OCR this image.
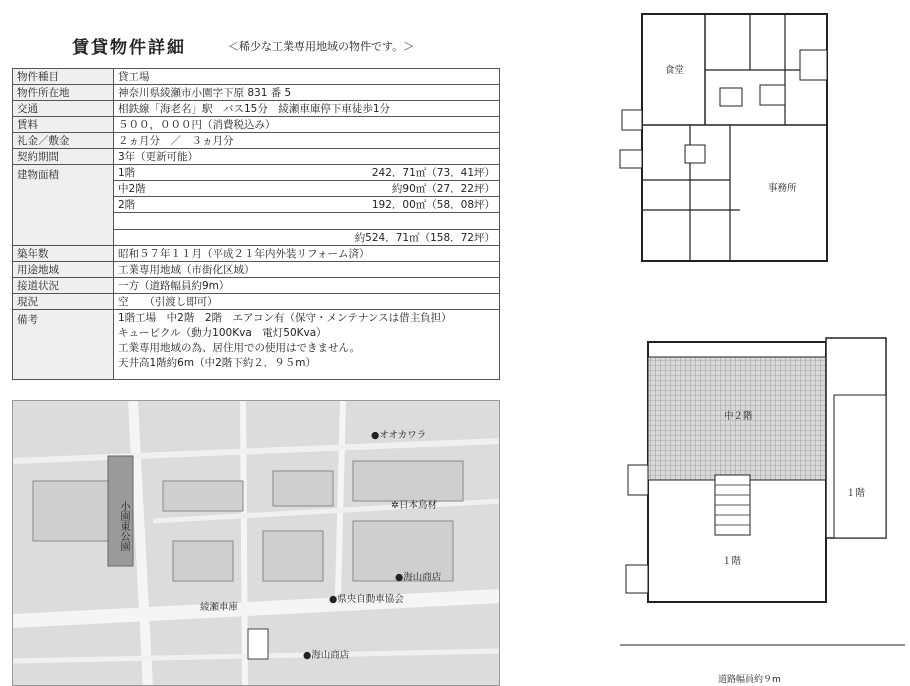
賃貸物件詳細	＜稀少な工業専用地域の物件です。＞
物件種目	貸工場
物件所在地	神奈川県綾瀬市小園字下原 831 番 5
交通	相鉄線「海老名」駅　バス15分　綾瀬車庫停下車徒歩1分
賃料	５００，０００円（消費税込み）
礼金／敷金	２ヵ月分　／　３ヵ月分
契約期間	3年（更新可能）
建物面積	1階 242．71㎡（73．41坪）

	中2階 約90㎡（27．22坪）

	2階 192．00㎡（58．08坪）

	約524．71㎡（158．72坪）

築年数	昭和５７年１１月（平成２１年内外装リフォーム済）
用途地域	工業専用地域（市街化区域）
接道状況	一方（道路幅員約9m）
現況	空　　（引渡し即可）
備考	1階工場　中2階　2階　エアコン有（保守・メンテナンスは借主負担）
キュービクル（動力100Kva　電灯50Kva）
工業専用地域の為、居住用での使用はできません。
天井高1階約6m（中2階下約２．９５m）
●オオカワラ
小園東公園	✲日本鳥材
●海山商店
●県央自動車協会
綾瀬車庫
●海山商店
食堂
事務所
中２階
１階
１階
道路幅員約９m
